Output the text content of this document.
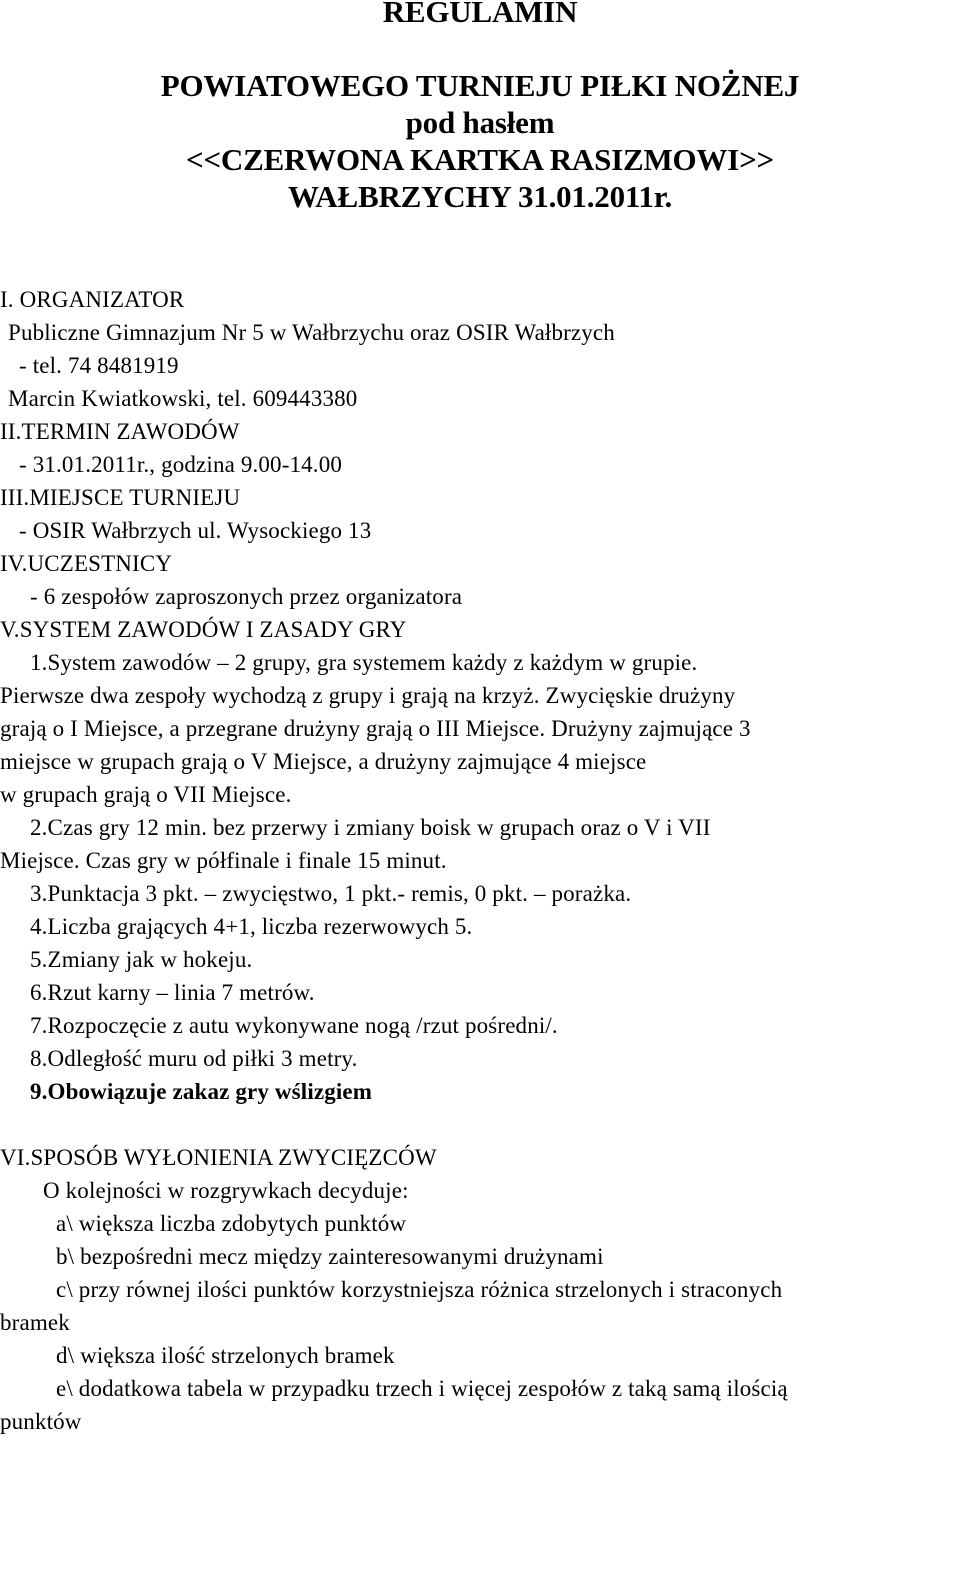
REGULAMIN
POWIATOWEGO TURNIEJU PIŁKI NOŻNEJ
pod hasłem
<<CZERWONA KARTKA RASIZMOWI>>
WAŁBRZYCHY 31.01.2011r.
I. ORGANIZATOR
Publiczne Gimnazjum Nr 5 w Wałbrzychu oraz OSIR Wałbrzych
- tel. 74 8481919
Marcin Kwiatkowski, tel. 609443380
II.TERMIN ZAWODÓW
- 31.01.2011r., godzina 9.00-14.00
III.MIEJSCE TURNIEJU
- OSIR Wałbrzych ul. Wysockiego 13
IV.UCZESTNICY
- 6 zespołów zaproszonych przez organizatora
V.SYSTEM ZAWODÓW I ZASADY GRY
1.System zawodów – 2 grupy, gra systemem każdy z każdym w grupie.
Pierwsze dwa zespoły wychodzą z grupy i grają na krzyż. Zwycięskie drużyny
grają o I Miejsce, a przegrane drużyny grają o III Miejsce. Drużyny zajmujące 3
miejsce w grupach grają o V Miejsce, a drużyny zajmujące 4 miejsce
w grupach grają o VII Miejsce.
2.Czas gry 12 min. bez przerwy i zmiany boisk w grupach oraz o V i VII
Miejsce. Czas gry w półfinale i finale 15 minut.
3.Punktacja 3 pkt. – zwycięstwo, 1 pkt.- remis, 0 pkt. – porażka.
4.Liczba grających 4+1, liczba rezerwowych 5.
5.Zmiany jak w hokeju.
6.Rzut karny – linia 7 metrów.
7.Rozpoczęcie z autu wykonywane nogą /rzut pośredni/.
8.Odległość muru od piłki 3 metry.
9.Obowiązuje zakaz gry wślizgiem
VI.SPOSÓB WYŁONIENIA ZWYCIĘZCÓW
O kolejności w rozgrywkach decyduje:
a\ większa liczba zdobytych punktów
b\ bezpośredni mecz między zainteresowanymi drużynami
c\ przy równej ilości punktów korzystniejsza różnica strzelonych i straconych
bramek
d\ większa ilość strzelonych bramek
e\ dodatkowa tabela w przypadku trzech i więcej zespołów z taką samą ilością
punktów
